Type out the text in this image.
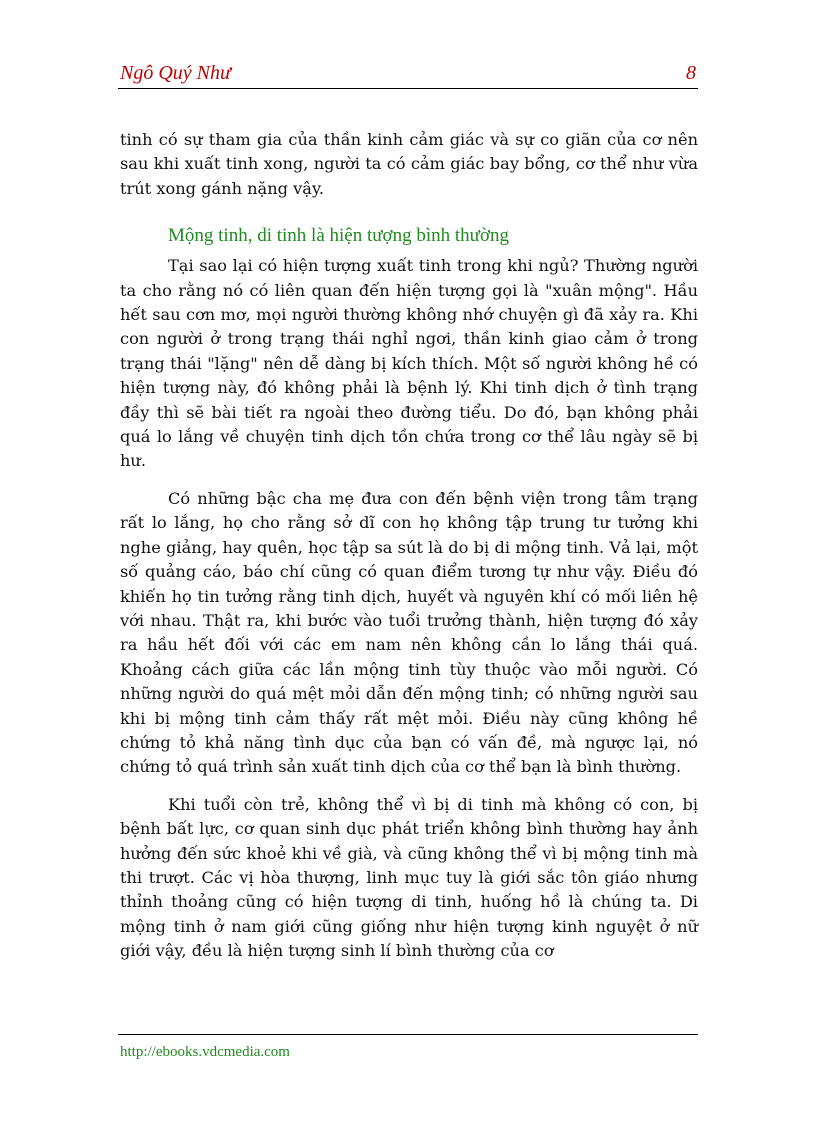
Ngô Quý Như	8

tinh có sự tham gia của thần kinh cảm giác và sự co giãn của cơ nên sau khi xuất tinh xong, người ta có cảm giác bay bổng, cơ thể như vừa trút xong gánh nặng vậy.

Mộng tinh, di tinh là hiện tượng bình thường

Tại sao lại có hiện tượng xuất tinh trong khi ngủ? Thường người ta cho rằng nó có liên quan đến hiện tượng gọi là "xuân mộng". Hầu hết sau cơn mơ, mọi người thường không nhớ chuyện gì đã xảy ra. Khi con người ở trong trạng thái nghỉ ngơi, thần kinh giao cảm ở trong trạng thái "lặng" nên dễ dàng bị kích thích. Một số người không hề có hiện tượng này, đó không phải là bệnh lý. Khi tinh dịch ở tình trạng đầy thì sẽ bài tiết ra ngoài theo đường tiểu. Do đó, bạn không phải quá lo lắng về chuyện tinh dịch tồn chứa trong cơ thể lâu ngày sẽ bị hư.

Có những bậc cha mẹ đưa con đến bệnh viện trong tâm trạng rất lo lắng, họ cho rằng sở dĩ con họ không tập trung tư tưởng khi nghe giảng, hay quên, học tập sa sút là do bị di mộng tinh. Vả lại, một số quảng cáo, báo chí cũng có quan điểm tương tự như vậy. Điều đó khiến họ tin tưởng rằng tinh dịch, huyết và nguyên khí có mối liên hệ với nhau. Thật ra, khi bước vào tuổi trưởng thành, hiện tượng đó xảy ra hầu hết đối với các em nam nên không cần lo lắng thái quá. Khoảng cách giữa các lần mộng tinh tùy thuộc vào mỗi người. Có những người do quá mệt mỏi dẫn đến mộng tinh; có những người sau khi bị mộng tinh cảm thấy rất mệt mỏi. Điều này cũng không hề chứng tỏ khả năng tình dục của bạn có vấn đề, mà ngược lại, nó chứng tỏ quá trình sản xuất tinh dịch của cơ thể bạn là bình thường.

Khi tuổi còn trẻ, không thể vì bị di tinh mà không có con, bị bệnh bất lực, cơ quan sinh dục phát triển không bình thường hay ảnh hưởng đến sức khoẻ khi về già, và cũng không thể vì bị mộng tinh mà thi trượt. Các vị hòa thượng, linh mục tuy là giới sắc tôn giáo nhưng thỉnh thoảng cũng có hiện tượng di tinh, huống hồ là chúng ta. Di mộng tinh ở nam giới cũng giống như hiện tượng kinh nguyệt ở nữ giới vậy, đều là hiện tượng sinh lí bình thường của cơ

http://ebooks.vdcmedia.com
